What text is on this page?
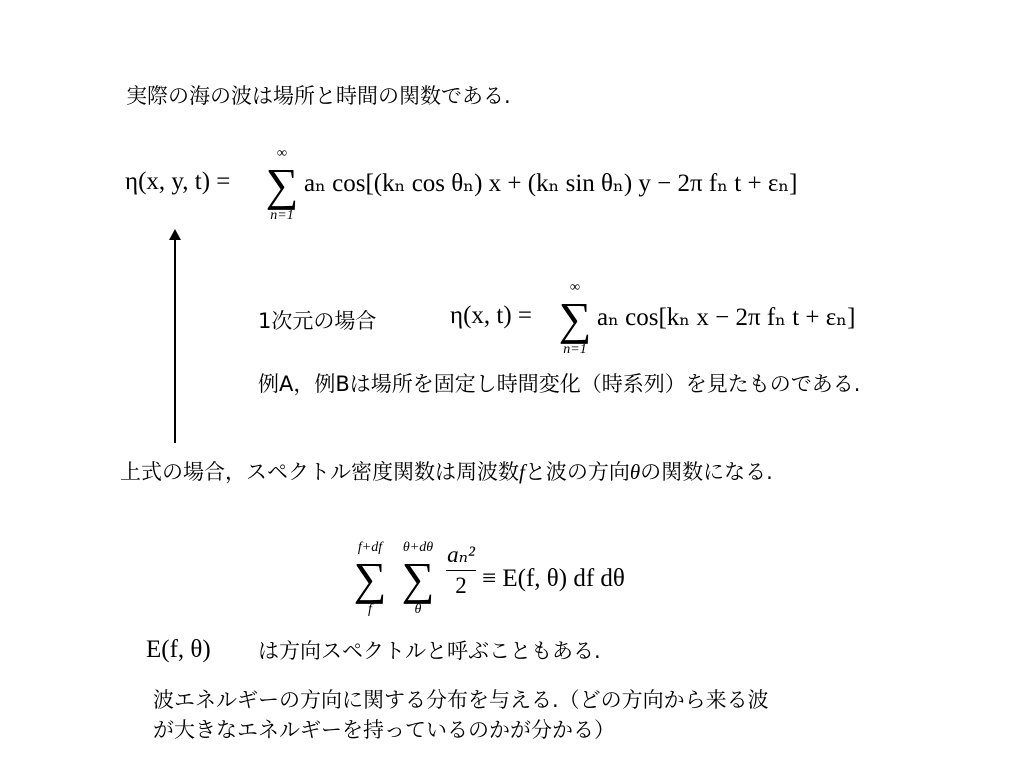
実際の海の波は場所と時間の関数である.
η(x, y, t) =
∞
∑
n=1
aₙ cos[(kₙ cos θₙ) x + (kₙ sin θₙ) y − 2π fₙ t + εₙ]
1次元の場合	η(x, t) =
∞
∑
n=1
aₙ cos[kₙ x − 2π fₙ t + εₙ]
例A，例Bは場所を固定し時間変化（時系列）を見たものである.
上式の場合，スペクトル密度関数は周波数fと波の方向θの関数になる.
f+df
∑
f
θ+dθ
∑
θ
aₙ²
2 ≡ E(f, θ) df dθ
E(f, θ) は方向スペクトルと呼ぶこともある.
波エネルギーの方向に関する分布を与える.（どの方向から来る波
が大きなエネルギーを持っているのかが分かる）
